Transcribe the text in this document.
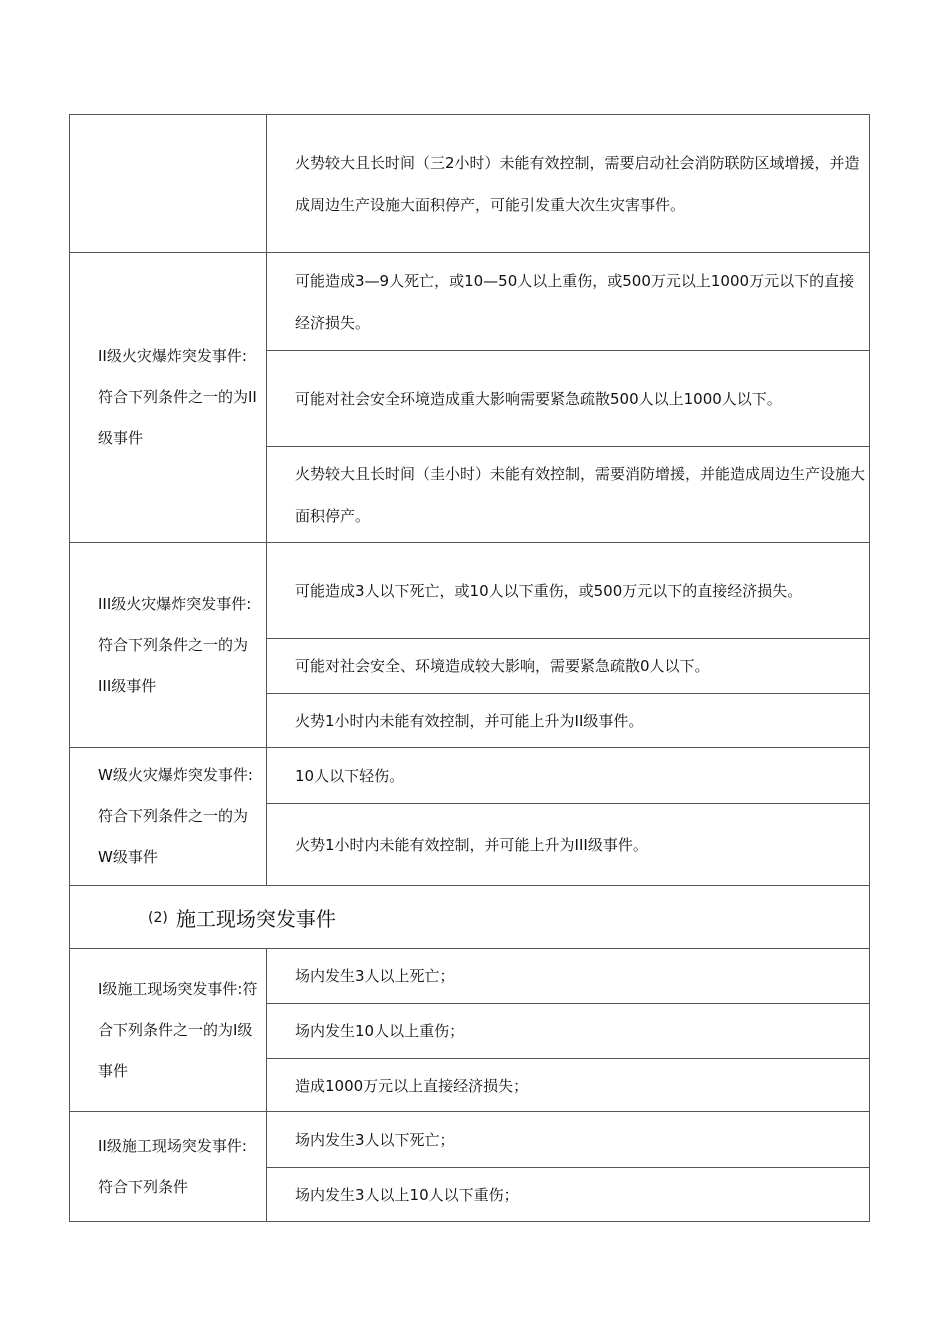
火势较大且长时间（三2小时）未能有效控制，需要启动社会消防联防区域增援，并造成周边生产设施大面积停产，可能引发重大次生灾害事件。
II级火灾爆炸突发事件:符合下列条件之一的为II级事件
可能造成3—9人死亡，或10—50人以上重伤，或500万元以上1000万元以下的直接经济损失。
可能对社会安全环境造成重大影响需要紧急疏散500人以上1000人以下。
火势较大且长时间（圭小时）未能有效控制，需要消防增援，并能造成周边生产设施大面积停产。
III级火灾爆炸突发事件:符合下列条件之一的为III级事件
可能造成3人以下死亡，或10人以下重伤，或500万元以下的直接经济损失。
可能对社会安全、环境造成较大影响，需要紧急疏散0人以下。
火势1小时内未能有效控制，并可能上升为II级事件。
W级火灾爆炸突发事件:符合下列条件之一的为W级事件
10人以下轻伤。
火势1小时内未能有效控制，并可能上升为III级事件。
(2) 施工现场突发事件
I级施工现场突发事件:符合下列条件之一的为I级事件
场内发生3人以上死亡；
场内发生10人以上重伤；
造成1000万元以上直接经济损失；
II级施工现场突发事件:符合下列条件
场内发生3人以下死亡；
场内发生3人以上10人以下重伤；
